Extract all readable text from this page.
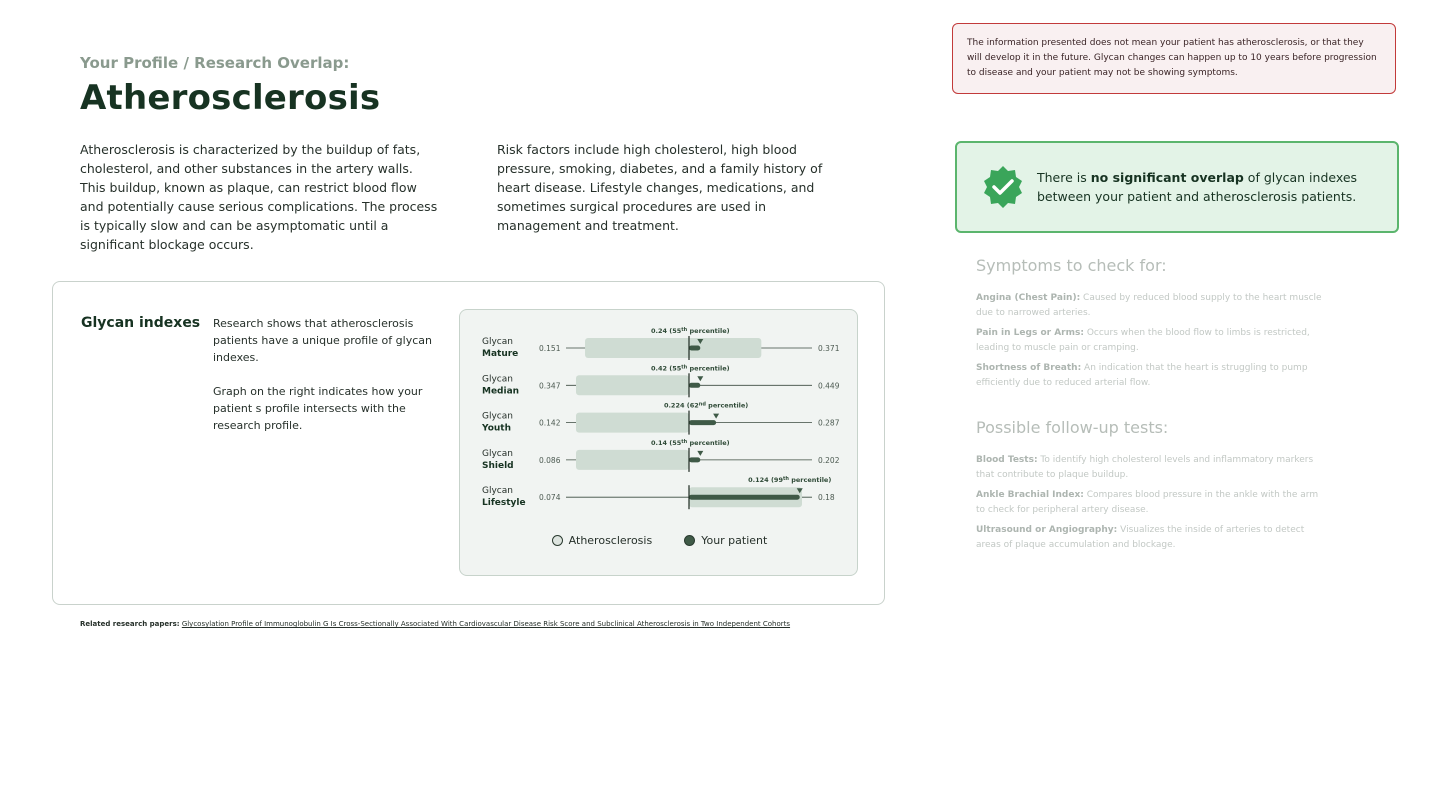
Your Profile / Research Overlap:
Atherosclerosis
Atherosclerosis is characterized by the buildup of fats, cholesterol, and other substances in the artery walls. This buildup, known as plaque, can restrict blood flow and potentially cause serious complications. The process is typically slow and can be asymptomatic until a significant blockage occurs.
Risk factors include high cholesterol, high blood pressure, smoking, diabetes, and a family history of heart disease. Lifestyle changes, medications, and sometimes surgical procedures are used in management and treatment.
Glycan indexes Research shows that atherosclerosis patients have a unique profile of glycan indexes.

Graph on the right indicates how your patient s profile intersects with the research profile.

Glycan
Mature
0.151	0.371
0.24 (55th percentile)
Glycan
Median
0.347	0.449
0.42 (55th percentile)
Glycan
Youth
0.142	0.287
0.224 (62nd percentile)
Glycan
Shield
0.086	0.202
0.14 (55th percentile)
Glycan
Lifestyle
0.074	0.18
0.124 (99th percentile)
Atherosclerosis	Your patient
Related research papers: Glycosylation Profile of Immunoglobulin G Is Cross-Sectionally Associated With Cardiovascular Disease Risk Score and Subclinical Atherosclerosis in Two Independent Cohorts
The information presented does not mean your patient has atherosclerosis, or that they will develop it in the future. Glycan changes can happen up to 10 years before progression to disease and your patient may not be showing symptoms.
There is no significant overlap of glycan indexes between your patient and atherosclerosis patients.
Symptoms to check for:
Angina (Chest Pain): Caused by reduced blood supply to the heart muscle due to narrowed arteries.
Pain in Legs or Arms: Occurs when the blood flow to limbs is restricted, leading to muscle pain or cramping.
Shortness of Breath: An indication that the heart is struggling to pump efficiently due to reduced arterial flow.
Possible follow-up tests:
Blood Tests: To identify high cholesterol levels and inflammatory markers that contribute to plaque buildup.
Ankle Brachial Index: Compares blood pressure in the ankle with the arm to check for peripheral artery disease.
Ultrasound or Angiography: Visualizes the inside of arteries to detect areas of plaque accumulation and blockage.
